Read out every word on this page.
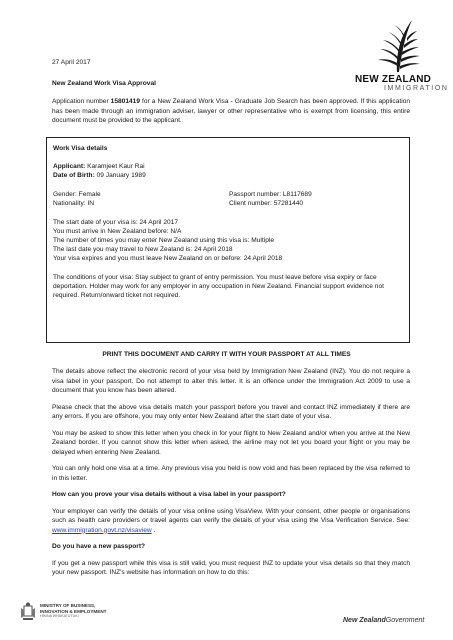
NEW ZEALAND
IMMIGRATION
27 April 2017
New Zealand Work Visa Approval

Application number 15801419 for a New Zealand Work Visa - Graduate Job Search has been approved. If this application has been made through an immigration adviser, lawyer or other representative who is exempt from licensing, this entire document must be provided to the applicant.

Work Visa details
Applicant: Karamjeet Kaur Rai
Date of Birth: 09 January 1989
Gender: Female
Nationality: IN
Passport number: L8117689
Client number: 57281440
The start date of your visa is: 24 April 2017
You must arrive in New Zealand before: N/A
The number of times you may enter New Zealand using this visa is: Multiple
The last date you may travel to New Zealand is: 24 April 2018
Your visa expires and you must leave New Zealand on or before: 24 April 2018
The conditions of your visa: Stay subject to grant of entry permission. You must leave before visa expiry or face deportation. Holder may work for any employer in any occupation in New Zealand. Financial support evidence not required. Return/onward ticket not required.
PRINT THIS DOCUMENT AND CARRY IT WITH YOUR PASSPORT AT ALL TIMES

The details above reflect the electronic record of your visa held by Immigration New Zealand (INZ). You do not require a visa label in your passport. Do not attempt to alter this letter. It is an offence under the Immigration Act 2009 to use a document that you know has been altered.

Please check that the above visa details match your passport before you travel and contact INZ immediately if there are any errors. If you are offshore, you may only enter New Zealand after the start date of your visa.

You may be asked to show this letter when you check in for your flight to New Zealand and/or when you arrive at the New Zealand border. If you cannot show this letter when asked, the airline may not let you board your flight or you may be delayed when entering New Zealand.

You can only hold one visa at a time. Any previous visa you held is now void and has been replaced by the visa referred to in this letter.

How can you prove your visa details without a visa label in your passport?

Your employer can verify the details of your visa online using VisaView. With your consent, other people or organisations such as health care providers or travel agents can verify the details of your visa using the Visa Verification Service. See: www.immigration.govt.nz/visaview .

Do you have a new passport?

If you get a new passport while this visa is still valid, you must request INZ to update your visa details so that they match your new passport. INZ's website has information on how to do this:

MINISTRY OF BUSINESS,
INNOVATION & EMPLOYMENT
HĪKINA WHAKATUTUKI
New ZealandGovernment
